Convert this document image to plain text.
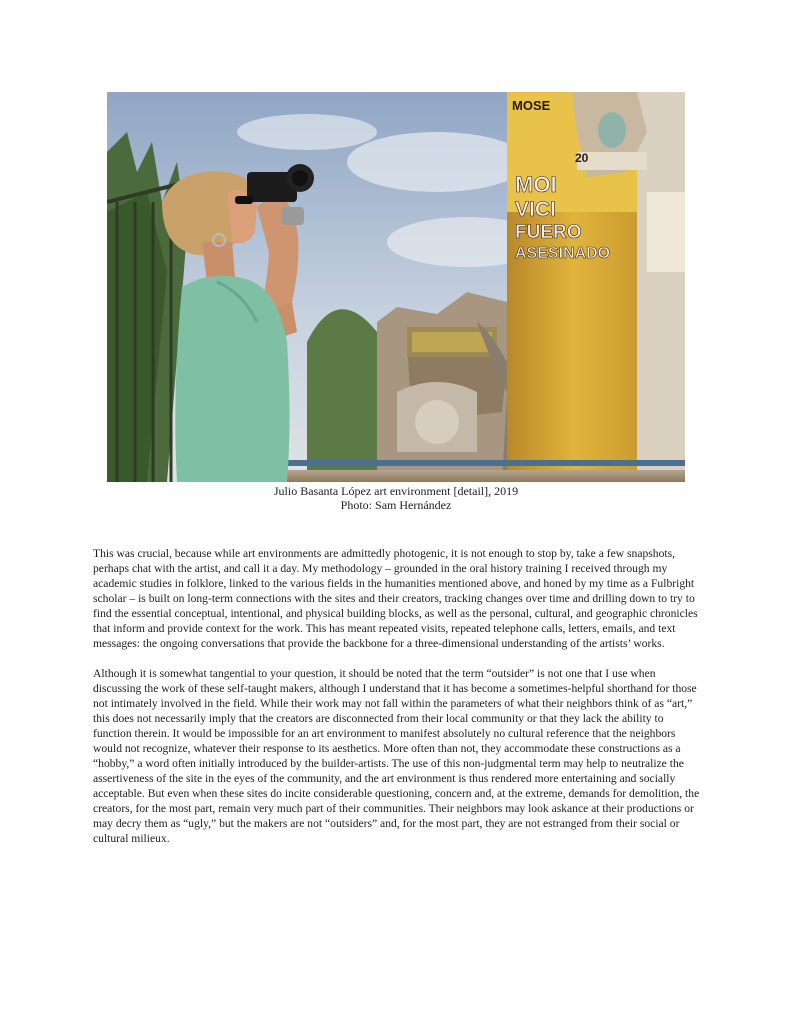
MOSE
20
MOI
VICI
FUERO
ASESINADO
Julio Basanta López art environment [detail], 2019
Photo: Sam Hernández

This was crucial, because while art environments are admittedly photogenic, it is not enough to stop by, take a few snapshots, perhaps chat with the artist, and call it a day. My methodology – grounded in the oral history training I received through my academic studies in folklore, linked to the various fields in the humanities mentioned above, and honed by my time as a Fulbright scholar – is built on long-term connections with the sites and their creators, tracking changes over time and drilling down to try to find the essential conceptual, intentional, and physical building blocks, as well as the personal, cultural, and geographic chronicles that inform and provide context for the work. This has meant repeated visits, repeated telephone calls, letters, emails, and text messages: the ongoing conversations that provide the backbone for a three-dimensional understanding of the artists’ works.

Although it is somewhat tangential to your question, it should be noted that the term “outsider” is not one that I use when discussing the work of these self-taught makers, although I understand that it has become a sometimes-helpful shorthand for those not intimately involved in the field. While their work may not fall within the parameters of what their neighbors think of as “art,” this does not necessarily imply that the creators are disconnected from their local community or that they lack the ability to function therein. It would be impossible for an art environment to manifest absolutely no cultural reference that the neighbors would not recognize, whatever their response to its aesthetics. More often than not, they accommodate these constructions as a “hobby,” a word often initially introduced by the builder-artists. The use of this non-judgmental term may help to neutralize the assertiveness of the site in the eyes of the community, and the art environment is thus rendered more entertaining and socially acceptable. But even when these sites do incite considerable questioning, concern and, at the extreme, demands for demolition, the creators, for the most part, remain very much part of their communities. Their neighbors may look askance at their productions or may decry them as “ugly,” but the makers are not “outsiders” and, for the most part, they are not estranged from their social or cultural milieux.
